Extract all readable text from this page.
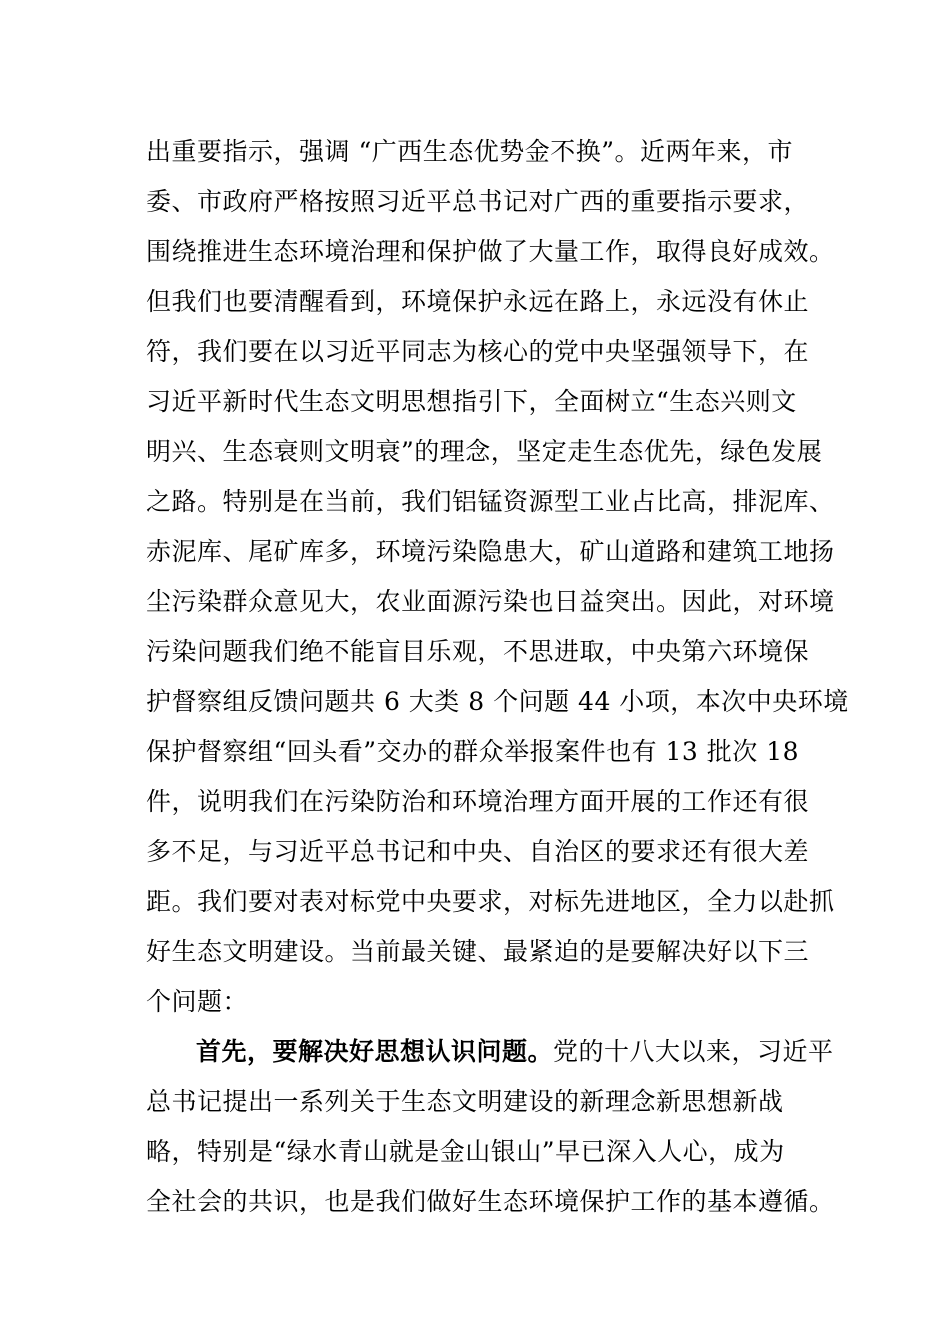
出重要指示，强调 “广西生态优势金不换”。近两年来，市
委、市政府严格按照习近平总书记对广西的重要指示要求，
围绕推进生态环境治理和保护做了大量工作，取得良好成效。
但我们也要清醒看到，环境保护永远在路上，永远没有休止
符，我们要在以习近平同志为核心的党中央坚强领导下，在
习近平新时代生态文明思想指引下，全面树立“生态兴则文
明兴、生态衰则文明衰”的理念，坚定走生态优先，绿色发展
之路。特别是在当前，我们铝锰资源型工业占比高，排泥库、
赤泥库、尾矿库多，环境污染隐患大，矿山道路和建筑工地扬
尘污染群众意见大，农业面源污染也日益突出。因此，对环境
污染问题我们绝不能盲目乐观，不思进取，中央第六环境保
护督察组反馈问题共 6 大类 8 个问题 44 小项，本次中央环境
保护督察组“回头看”交办的群众举报案件也有 13 批次 18
件，说明我们在污染防治和环境治理方面开展的工作还有很
多不足，与习近平总书记和中央、自治区的要求还有很大差
距。我们要对表对标党中央要求，对标先进地区，全力以赴抓
好生态文明建设。当前最关键、最紧迫的是要解决好以下三
个问题：
首先，要解决好思想认识问题。党的十八大以来，习近平
总书记提出一系列关于生态文明建设的新理念新思想新战
略，特别是“绿水青山就是金山银山”早已深入人心，成为
全社会的共识，也是我们做好生态环境保护工作的基本遵循。
